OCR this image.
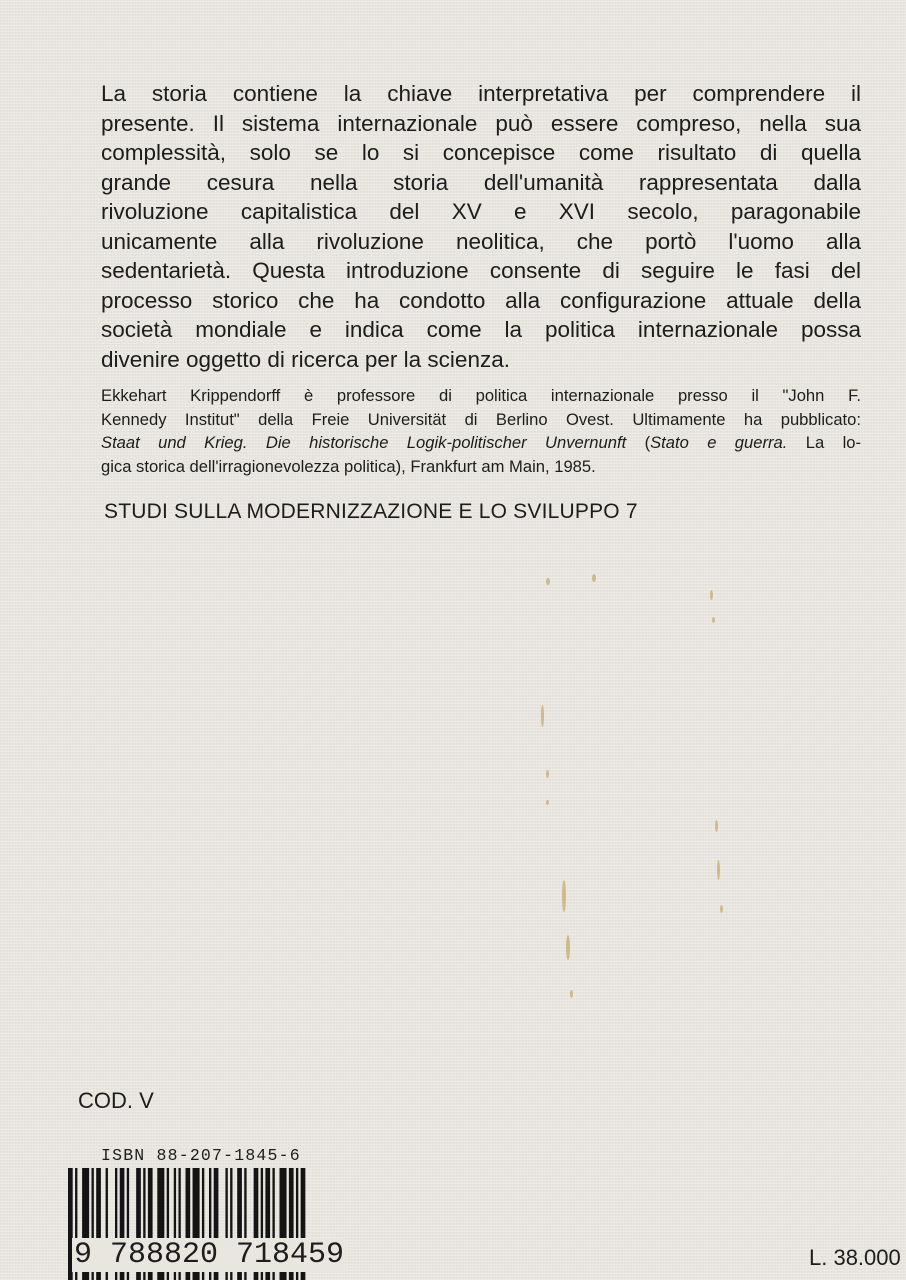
La storia contiene la chiave interpretativa per comprendere il
presente. Il sistema internazionale può essere compreso, nella sua
complessità, solo se lo si concepisce come risultato di quella
grande cesura nella storia dell'umanità rappresentata dalla
rivoluzione capitalistica del XV e XVI secolo, paragonabile
unicamente alla rivoluzione neolitica, che portò l'uomo alla
sedentarietà. Questa introduzione consente di seguire le fasi del
processo storico che ha condotto alla configurazione attuale della
società mondiale e indica come la politica internazionale possa
divenire oggetto di ricerca per la scienza.
Ekkehart Krippendorff è professore di politica internazionale presso il "John F.
Kennedy Institut" della Freie Universität di Berlino Ovest. Ultimamente ha pubblicato:
Staat und Krieg. Die historische Logik-politischer Unvernunft (Stato e guerra. La lo-
gica storica dell'irragionevolezza politica), Frankfurt am Main, 1985.
STUDI SULLA MODERNIZZAZIONE E LO SVILUPPO 7
COD. V
ISBN 88-207-1845-6
9 788820 718459	L. 38.000
